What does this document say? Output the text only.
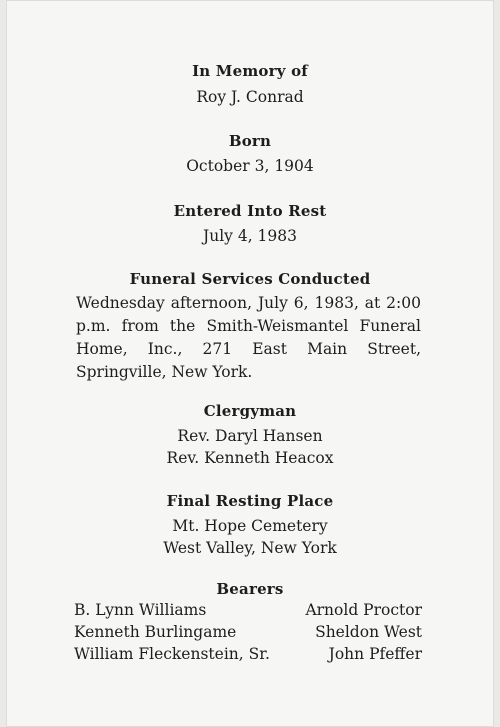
In Memory of
Roy J. Conrad
Born
October 3, 1904
Entered Into Rest
July 4, 1983
Funeral Services Conducted
Wednesday afternoon, July 6, 1983, at 2:00 p.m. from the Smith-Weismantel Funeral Home, Inc., 271 East Main Street, Springville, New York.
Clergyman
Rev. Daryl Hansen
Rev. Kenneth Heacox
Final Resting Place
Mt. Hope Cemetery
West Valley, New York
Bearers
B. Lynn Williams	Arnold Proctor
Kenneth Burlingame	Sheldon West
William Fleckenstein, Sr.	John Pfeffer
